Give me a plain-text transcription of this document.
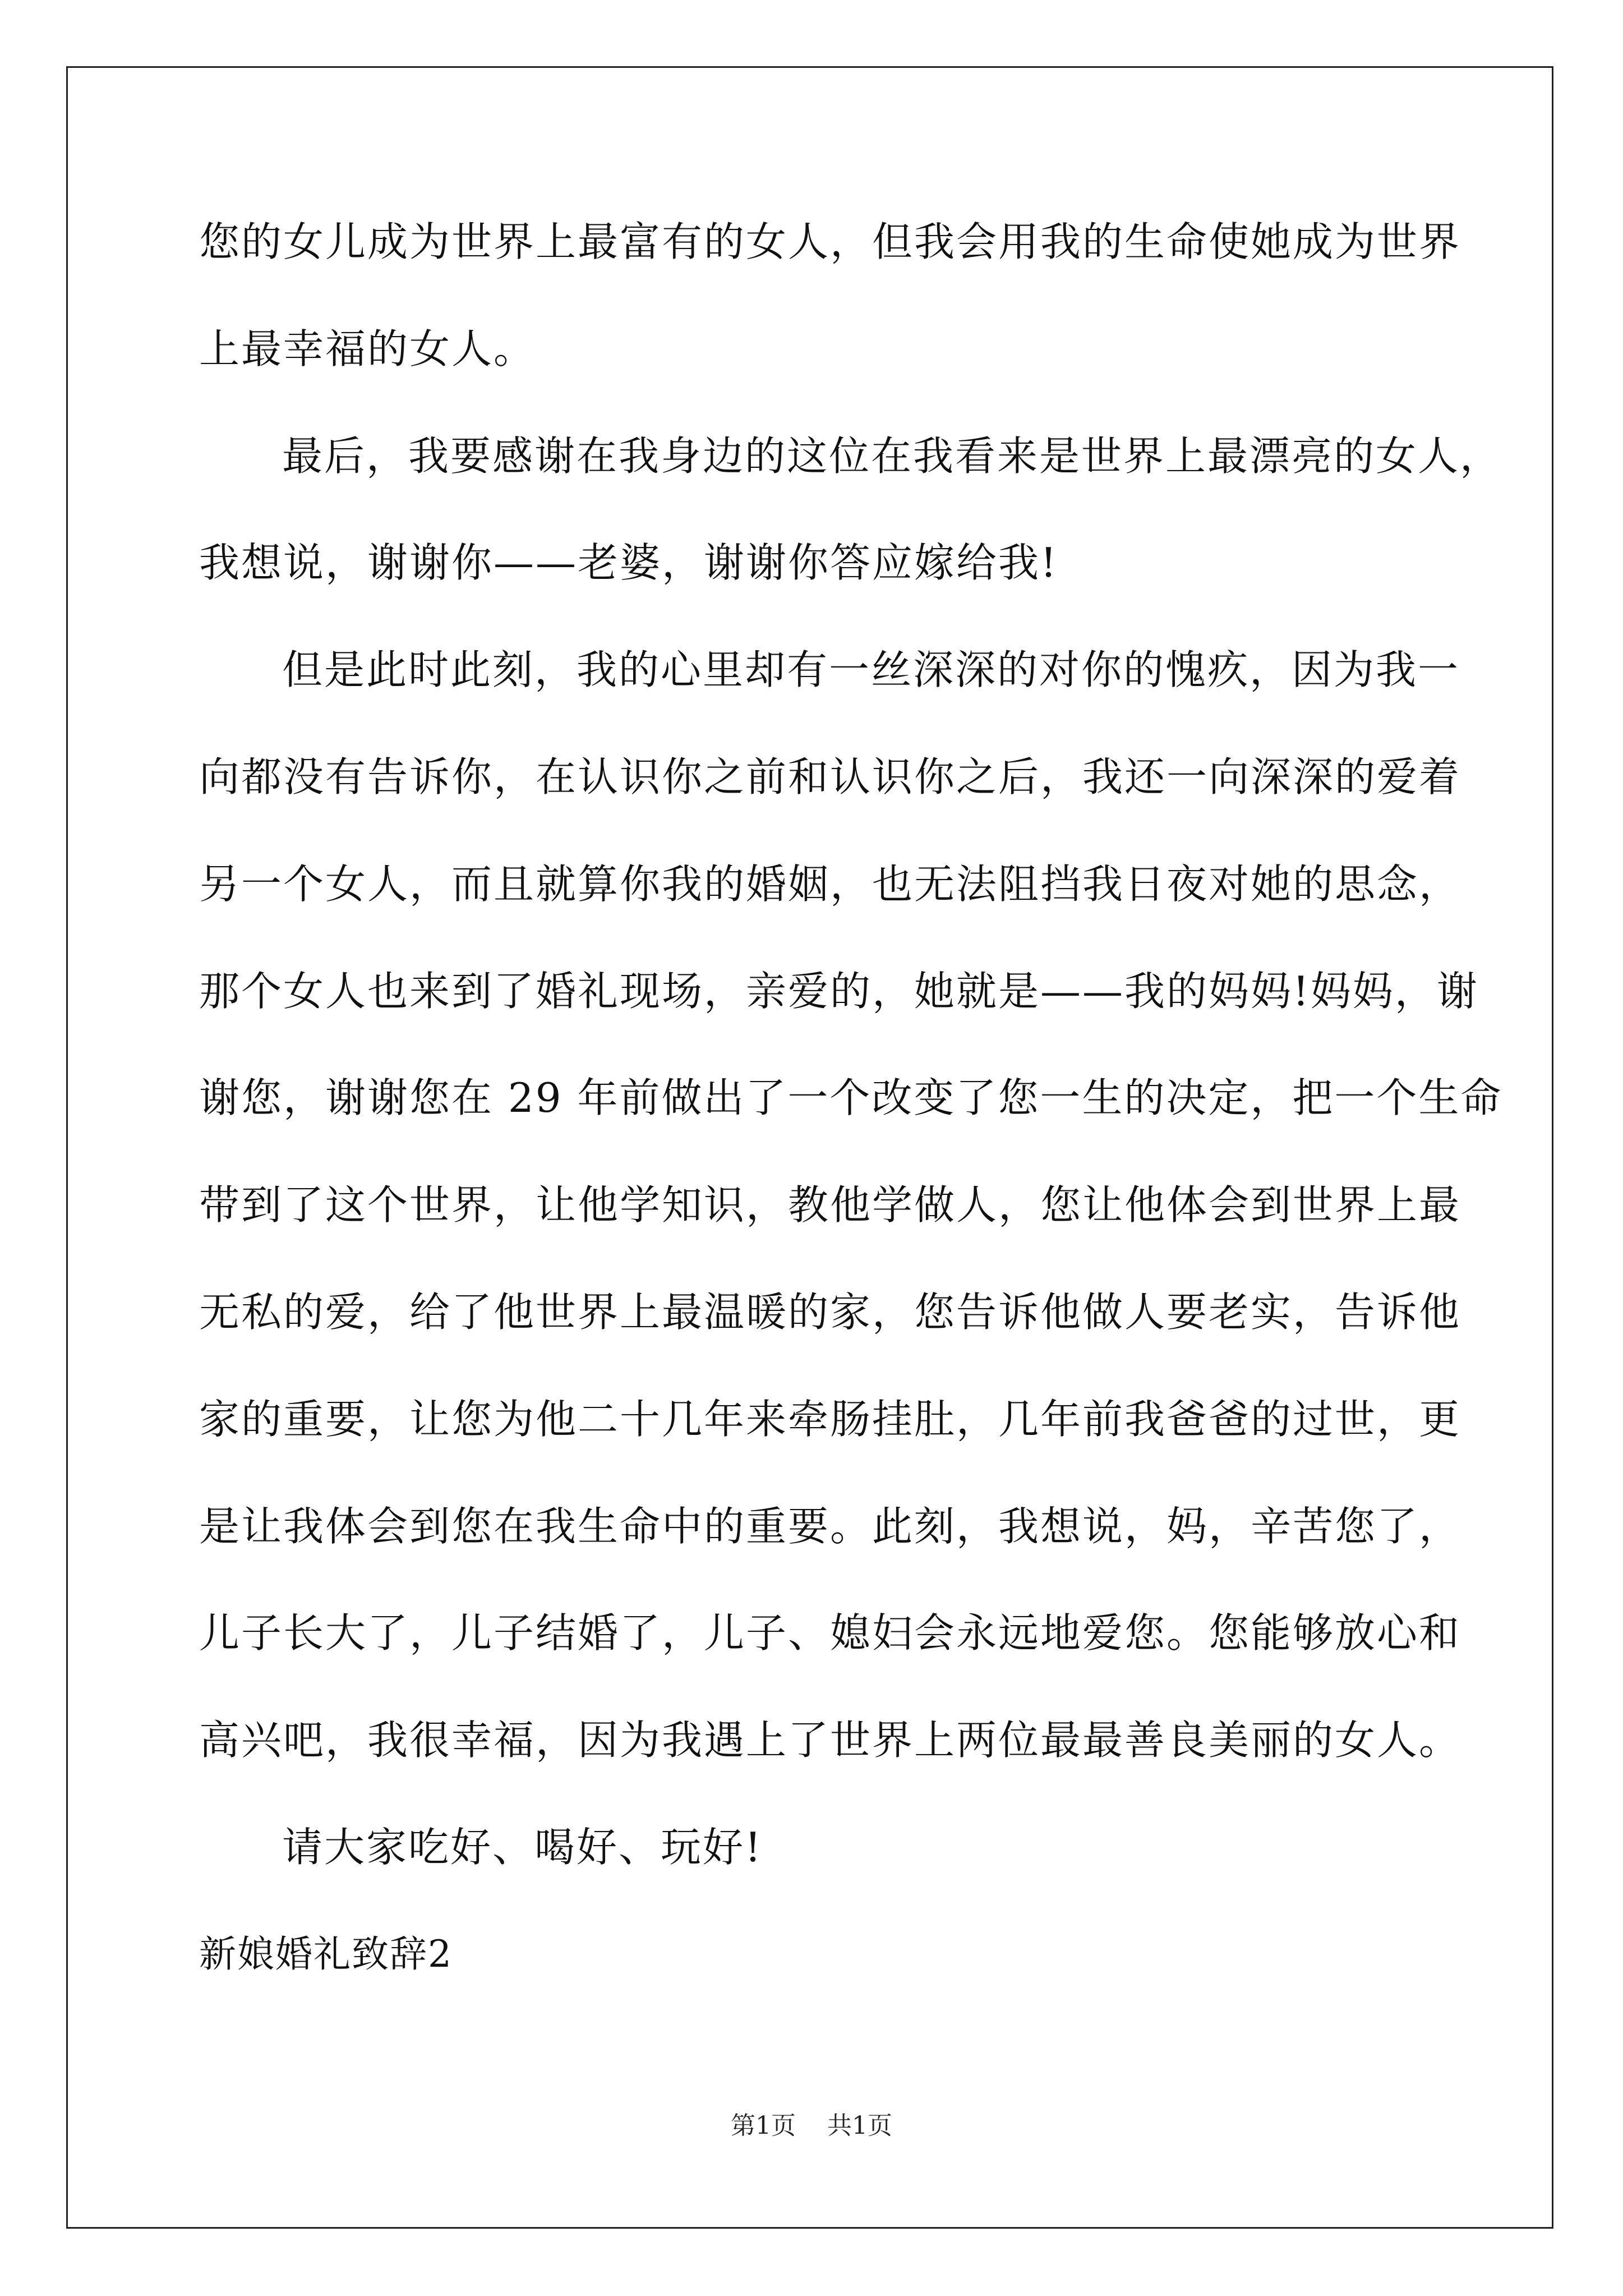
您的女儿成为世界上最富有的女人，但我会用我的生命使她成为世界
上最幸福的女人。
最后，我要感谢在我身边的这位在我看来是世界上最漂亮的女人，
我想说，谢谢你——老婆，谢谢你答应嫁给我!
但是此时此刻，我的心里却有一丝深深的对你的愧疚，因为我一
向都没有告诉你，在认识你之前和认识你之后，我还一向深深的爱着
另一个女人，而且就算你我的婚姻，也无法阻挡我日夜对她的思念，
那个女人也来到了婚礼现场，亲爱的，她就是——我的妈妈!妈妈，谢
谢您，谢谢您在 29 年前做出了一个改变了您一生的决定，把一个生命
带到了这个世界，让他学知识，教他学做人，您让他体会到世界上最
无私的爱，给了他世界上最温暖的家，您告诉他做人要老实，告诉他
家的重要，让您为他二十几年来牵肠挂肚，几年前我爸爸的过世，更
是让我体会到您在我生命中的重要。此刻，我想说，妈，辛苦您了，
儿子长大了，儿子结婚了，儿子、媳妇会永远地爱您。您能够放心和
高兴吧，我很幸福，因为我遇上了世界上两位最最善良美丽的女人。
请大家吃好、喝好、玩好!
新娘婚礼致辞2
第1页 共1页
